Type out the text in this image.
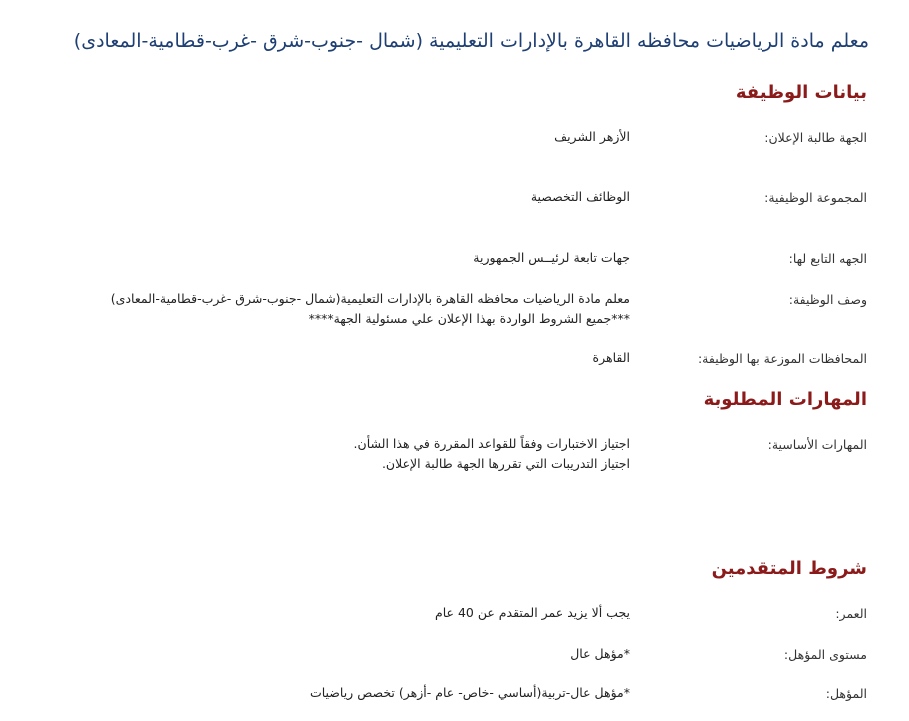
معلم مادة الرياضيات محافظه القاهرة بالإدارات التعليمية (شمال -جنوب-شرق -غرب-قطامية-المعادى)
بيانات الوظيفة
الجهة طالبة الإعلان:
الأزهر الشريف
المجموعة الوظيفية:
الوظائف التخصصية
الجهه التابع لها:
جهات تابعة لرئيــس الجمهورية
وصف الوظيفة:
معلم مادة الرياضيات محافظه القاهرة بالإدارات التعليمية(شمال -جنوب-شرق -غرب-قطامية-المعادى)
***جميع الشروط الواردة بهذا الإعلان علي مسئولية الجهة****
المحافظات الموزعة بها الوظيفة:
القاهرة
المهارات المطلوبة
المهارات الأساسية:
اجتياز الاختبارات وفقاً للقواعد المقررة في هذا الشأن.
اجتياز التدريبات التي تقررها الجهة طالبة الإعلان.
شروط المتقدمين
العمر:
يجب ألا يزيد عمر المتقدم عن 40 عام
مستوى المؤهل:
*مؤهل عال
المؤهل:
*مؤهل عال-تربية(أساسي -خاص- عام -أزهر) تخصص رياضيات
